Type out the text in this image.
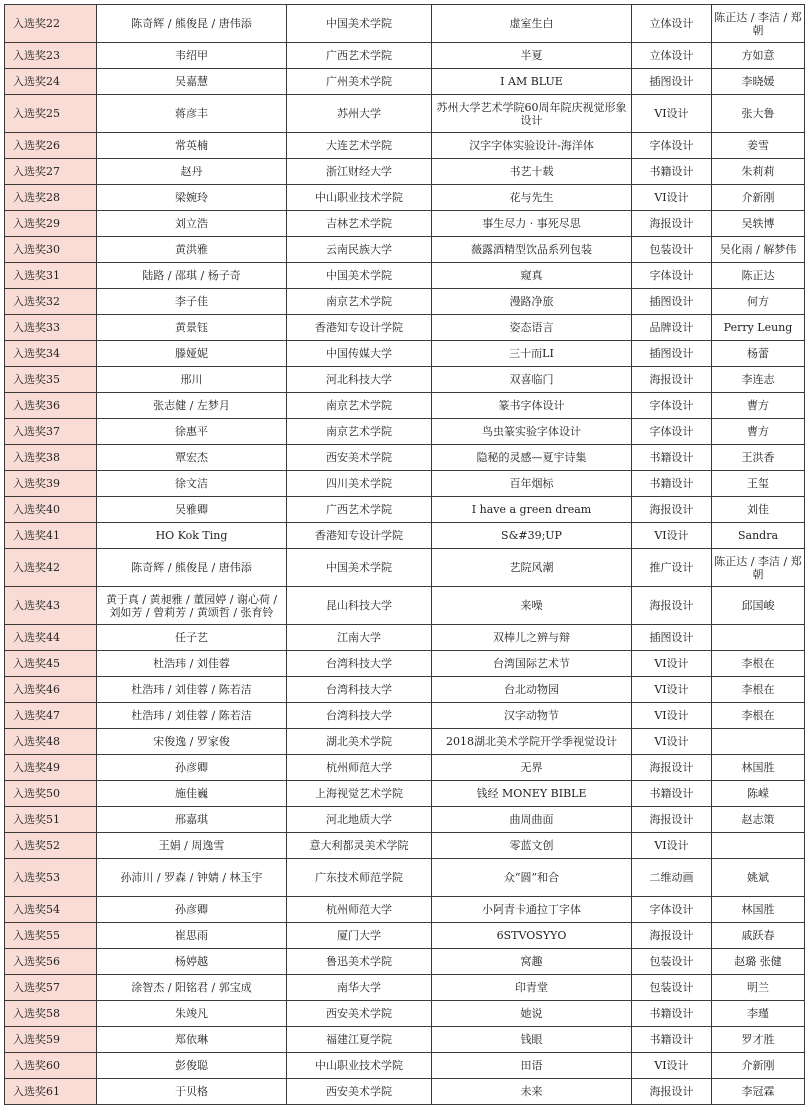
入选奖22	陈奇辉 / 熊俊昆 / 唐伟添	中国美术学院	虚室生白	立体设计	陈正达 / 李洁 / 郑朝
入选奖23	韦绍甲	广西艺术学院	半夏	立体设计	方如意
入选奖24	吴嘉慧	广州美术学院	I AM BLUE	插图设计	李晓媛
入选奖25	蒋彦丰	苏州大学	苏州大学艺术学院60周年院庆视觉形象设计	VI设计	张大鲁
入选奖26	常英楠	大连艺术学院	汉字字体实验设计-海洋体	字体设计	姜雪
入选奖27	赵丹	浙江财经大学	书艺十载	书籍设计	朱莉莉
入选奖28	梁婉玲	中山职业技术学院	花与先生	VI设计	介新刚
入选奖29	刘立浩	吉林艺术学院	事生尽力 · 事死尽思	海报设计	吴轶博
入选奖30	黄洪雅	云南民族大学	薇露酒精型饮品系列包装	包装设计	吴化雨 / 解梦伟
入选奖31	陆路 / 邵琪 / 杨子奇	中国美术学院	窥真	字体设计	陈正达
入选奖32	李子佳	南京艺术学院	漫路净旅	插图设计	何方
入选奖33	黄景钰	香港知专设计学院	姿态语言	品牌设计	Perry Leung
入选奖34	滕娅妮	中国传媒大学	三十而LI	插图设计	杨蕾
入选奖35	邢川	河北科技大学	双喜临门	海报设计	李连志
入选奖36	张志健 / 左梦月	南京艺术学院	篆书字体设计	字体设计	曹方
入选奖37	徐惠平	南京艺术学院	鸟虫篆实验字体设计	字体设计	曹方
入选奖38	覃宏杰	西安美术学院	隐秘的灵感—夏宇诗集	书籍设计	王洪香
入选奖39	徐文洁	四川美术学院	百年烟标	书籍设计	王玺
入选奖40	吴雅卿	广西艺术学院	I have a green dream	海报设计	刘佳
入选奖41	HO Kok Ting	香港知专设计学院	S&#39;UP	VI设计	Sandra
入选奖42	陈奇辉 / 熊俊昆 / 唐伟添	中国美术学院	艺院风潮	推广设计	陈正达 / 李洁 / 郑朝
入选奖43	黄于真 / 黄昶雅 / 董园婷 / 谢心荷 / 刘如芳 / 曾莉芳 / 黄颂哲 / 张育铃	昆山科技大学	来噪	海报设计	邱国峻
入选奖44	任子艺	江南大学	双棒儿之辨与辩	插图设计	
入选奖45	杜浩玮 / 刘佳蓉	台湾科技大学	台湾国际艺术节	VI设计	李根在
入选奖46	杜浩玮 / 刘佳蓉 / 陈若洁	台湾科技大学	台北动物园	VI设计	李根在
入选奖47	杜浩玮 / 刘佳蓉 / 陈若洁	台湾科技大学	汉字动物节	VI设计	李根在
入选奖48	宋俊逸 / 罗家俊	湖北美术学院	2018湖北美术学院开学季视觉设计	VI设计	
入选奖49	孙彦卿	杭州师范大学	无界	海报设计	林国胜
入选奖50	施佳巍	上海视觉艺术学院	钱经 MONEY BIBLE	书籍设计	陈嵘
入选奖51	邢嘉琪	河北地质大学	曲周曲面	海报设计	赵志策
入选奖52	王娟 / 周逸雪	意大利都灵美术学院	零蓝文创	VI设计	
入选奖53	孙沛川 / 罗森 / 钟婧 / 林玉宇	广东技术师范学院	众“圆”和合	二维动画	姚斌
入选奖54	孙彦卿	杭州师范大学	小阿青卡通拉丁字体	字体设计	林国胜
入选奖55	崔思雨	厦门大学	6STVOSYYO	海报设计	戚跃春
入选奖56	杨婷越	鲁迅美术学院	窝趣	包装设计	赵璐 张健
入选奖57	涂智杰 / 阳铭君 / 郭宝成	南华大学	印青堂	包装设计	明兰
入选奖58	朱竣凡	西安美术学院	她说	书籍设计	李瑾
入选奖59	郑依琳	福建江夏学院	钱眼	书籍设计	罗才胜
入选奖60	彭俊聪	中山职业技术学院	田语	VI设计	介新刚
入选奖61	于贝格	西安美术学院	未来	海报设计	李冠霖
